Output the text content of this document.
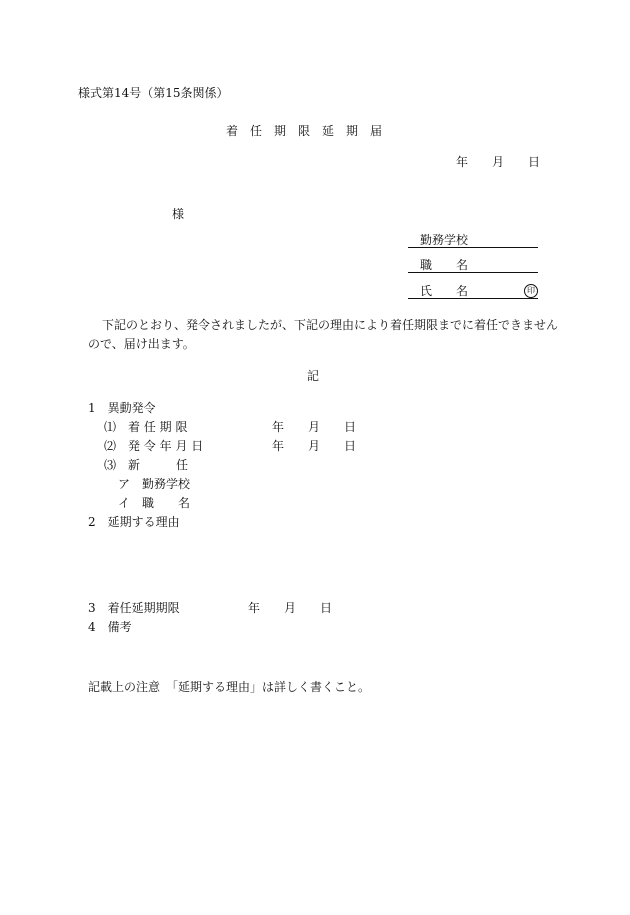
様式第14号（第15条関係）
着　任　期　限　延　期　届
年　　月　　日
様
勤務学校
職　　名
氏　　名	印
下記のとおり、発令されましたが、下記の理由により着任期限までに着任できません
ので、届け出ます。
記
1　異動発令
⑴　着 任 期 限	年　　月　　日
⑵　発 令 年 月 日	年　　月　　日
⑶　新　　　任
ア　勤務学校
イ　職　　名
2　延期する理由
3　着任延期期限	年　　月　　日
4　備考
記載上の注意　「延期する理由」は詳しく書くこと。
